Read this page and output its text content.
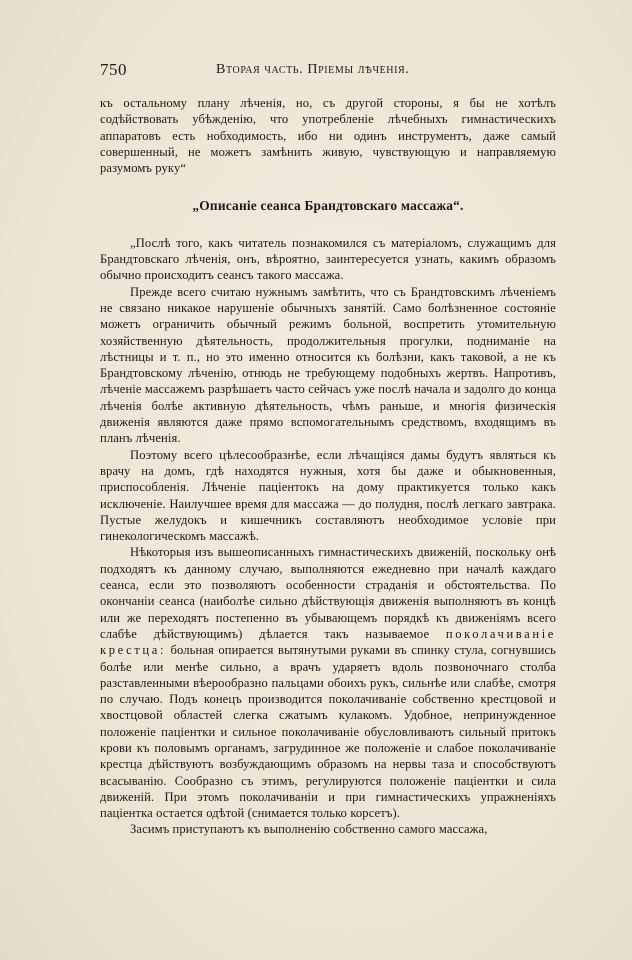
750	Вторая часть. Пріемы лѣченія.

къ остальному плану лѣченія, но, съ другой стороны, я бы не хотѣлъ содѣйствовать убѣжденію, что употребленіе лѣчебныхъ гимнастическихъ аппаратовъ есть нобходимость, ибо ни одинъ инструментъ, даже самый совершенный, не можетъ замѣнить живую, чувствующую и направляемую разумомъ руку“

„Описаніе сеанса Брандтовскаго массажа“.

„Послѣ того, какъ читатель познакомился съ матеріаломъ, служащимъ для Брандтовскаго лѣченія, онъ, вѣроятно, заинтересуется узнать, какимъ образомъ обычно происходитъ сеансъ такого массажа.

Прежде всего считаю нужнымъ замѣтить, что съ Брандтовскимъ лѣченіемъ не связано никакое нарушеніе обычныхъ занятій. Само болѣзненное состояніе можетъ ограничить обычный режимъ больной, воспретить утомительную хозяйственную дѣятельность, продолжительныя прогулки, подниманіе на лѣстницы и т. п., но это именно относится къ болѣзни, какъ таковой, а не къ Брандтовскому лѣченію, отнюдь не требующему подобныхъ жертвъ. Напротивъ, лѣченіе массажемъ разрѣшаетъ часто сейчасъ уже послѣ начала и задолго до конца лѣченія болѣе активную дѣятельность, чѣмъ раньше, и многія физическія движенія являются даже прямо вспомогательнымъ средствомъ, входящимъ въ планъ лѣченія.

Поэтому всего цѣлесообразнѣе, если лѣчащіяся дамы будутъ являться къ врачу на домъ, гдѣ находятся нужныя, хотя бы даже и обыкновенныя, приспособленія. Лѣченіе паціентокъ на дому практикуется только какъ исключеніе. Наилучшее время для массажа — до полудня, послѣ легкаго завтрака. Пустые желудокъ и кишечникъ составляютъ необходимое условіе при гинекологическомъ массажѣ.

Нѣкоторыя изъ вышеописанныхъ гимнастическихъ движеній, поскольку онѣ подходятъ къ данному случаю, выполняются ежедневно при началѣ каждаго сеанса, если это позволяютъ особенности страданія и обстоятельства. По окончаніи сеанса (наиболѣе сильно дѣйствующія движенія выполняютъ въ концѣ или же переходятъ постепенно въ убывающемъ порядкѣ къ движеніямъ всего слабѣе дѣйствующимъ) дѣлается такъ называемое поколачиваніе крестца: больная опирается вытянутыми руками въ спинку стула, согнувшись болѣе или менѣе сильно, а врачъ ударяетъ вдоль позвоночнаго столба разставленными вѣерообразно пальцами обоихъ рукъ, сильнѣе или слабѣе, смотря по случаю. Подъ конецъ производится поколачиваніе собственно крестцовой и хвостцовой областей слегка сжатымъ кулакомъ. Удобное, непринужденное положеніе паціентки и сильное поколачиваніе обусловливаютъ сильный притокъ крови къ половымъ органамъ, загрудинное же положеніе и слабое поколачиваніе крестца дѣйствуютъ возбуждающимъ образомъ на нервы таза и способствуютъ всасыванію. Сообразно съ этимъ, регулируются положеніе паціентки и сила движеній. При этомъ поколачиваніи и при гимнастическихъ упражненіяхъ паціентка остается одѣтой (снимается только корсетъ).

Засимъ приступаютъ къ выполненію собственно самого массажа,
